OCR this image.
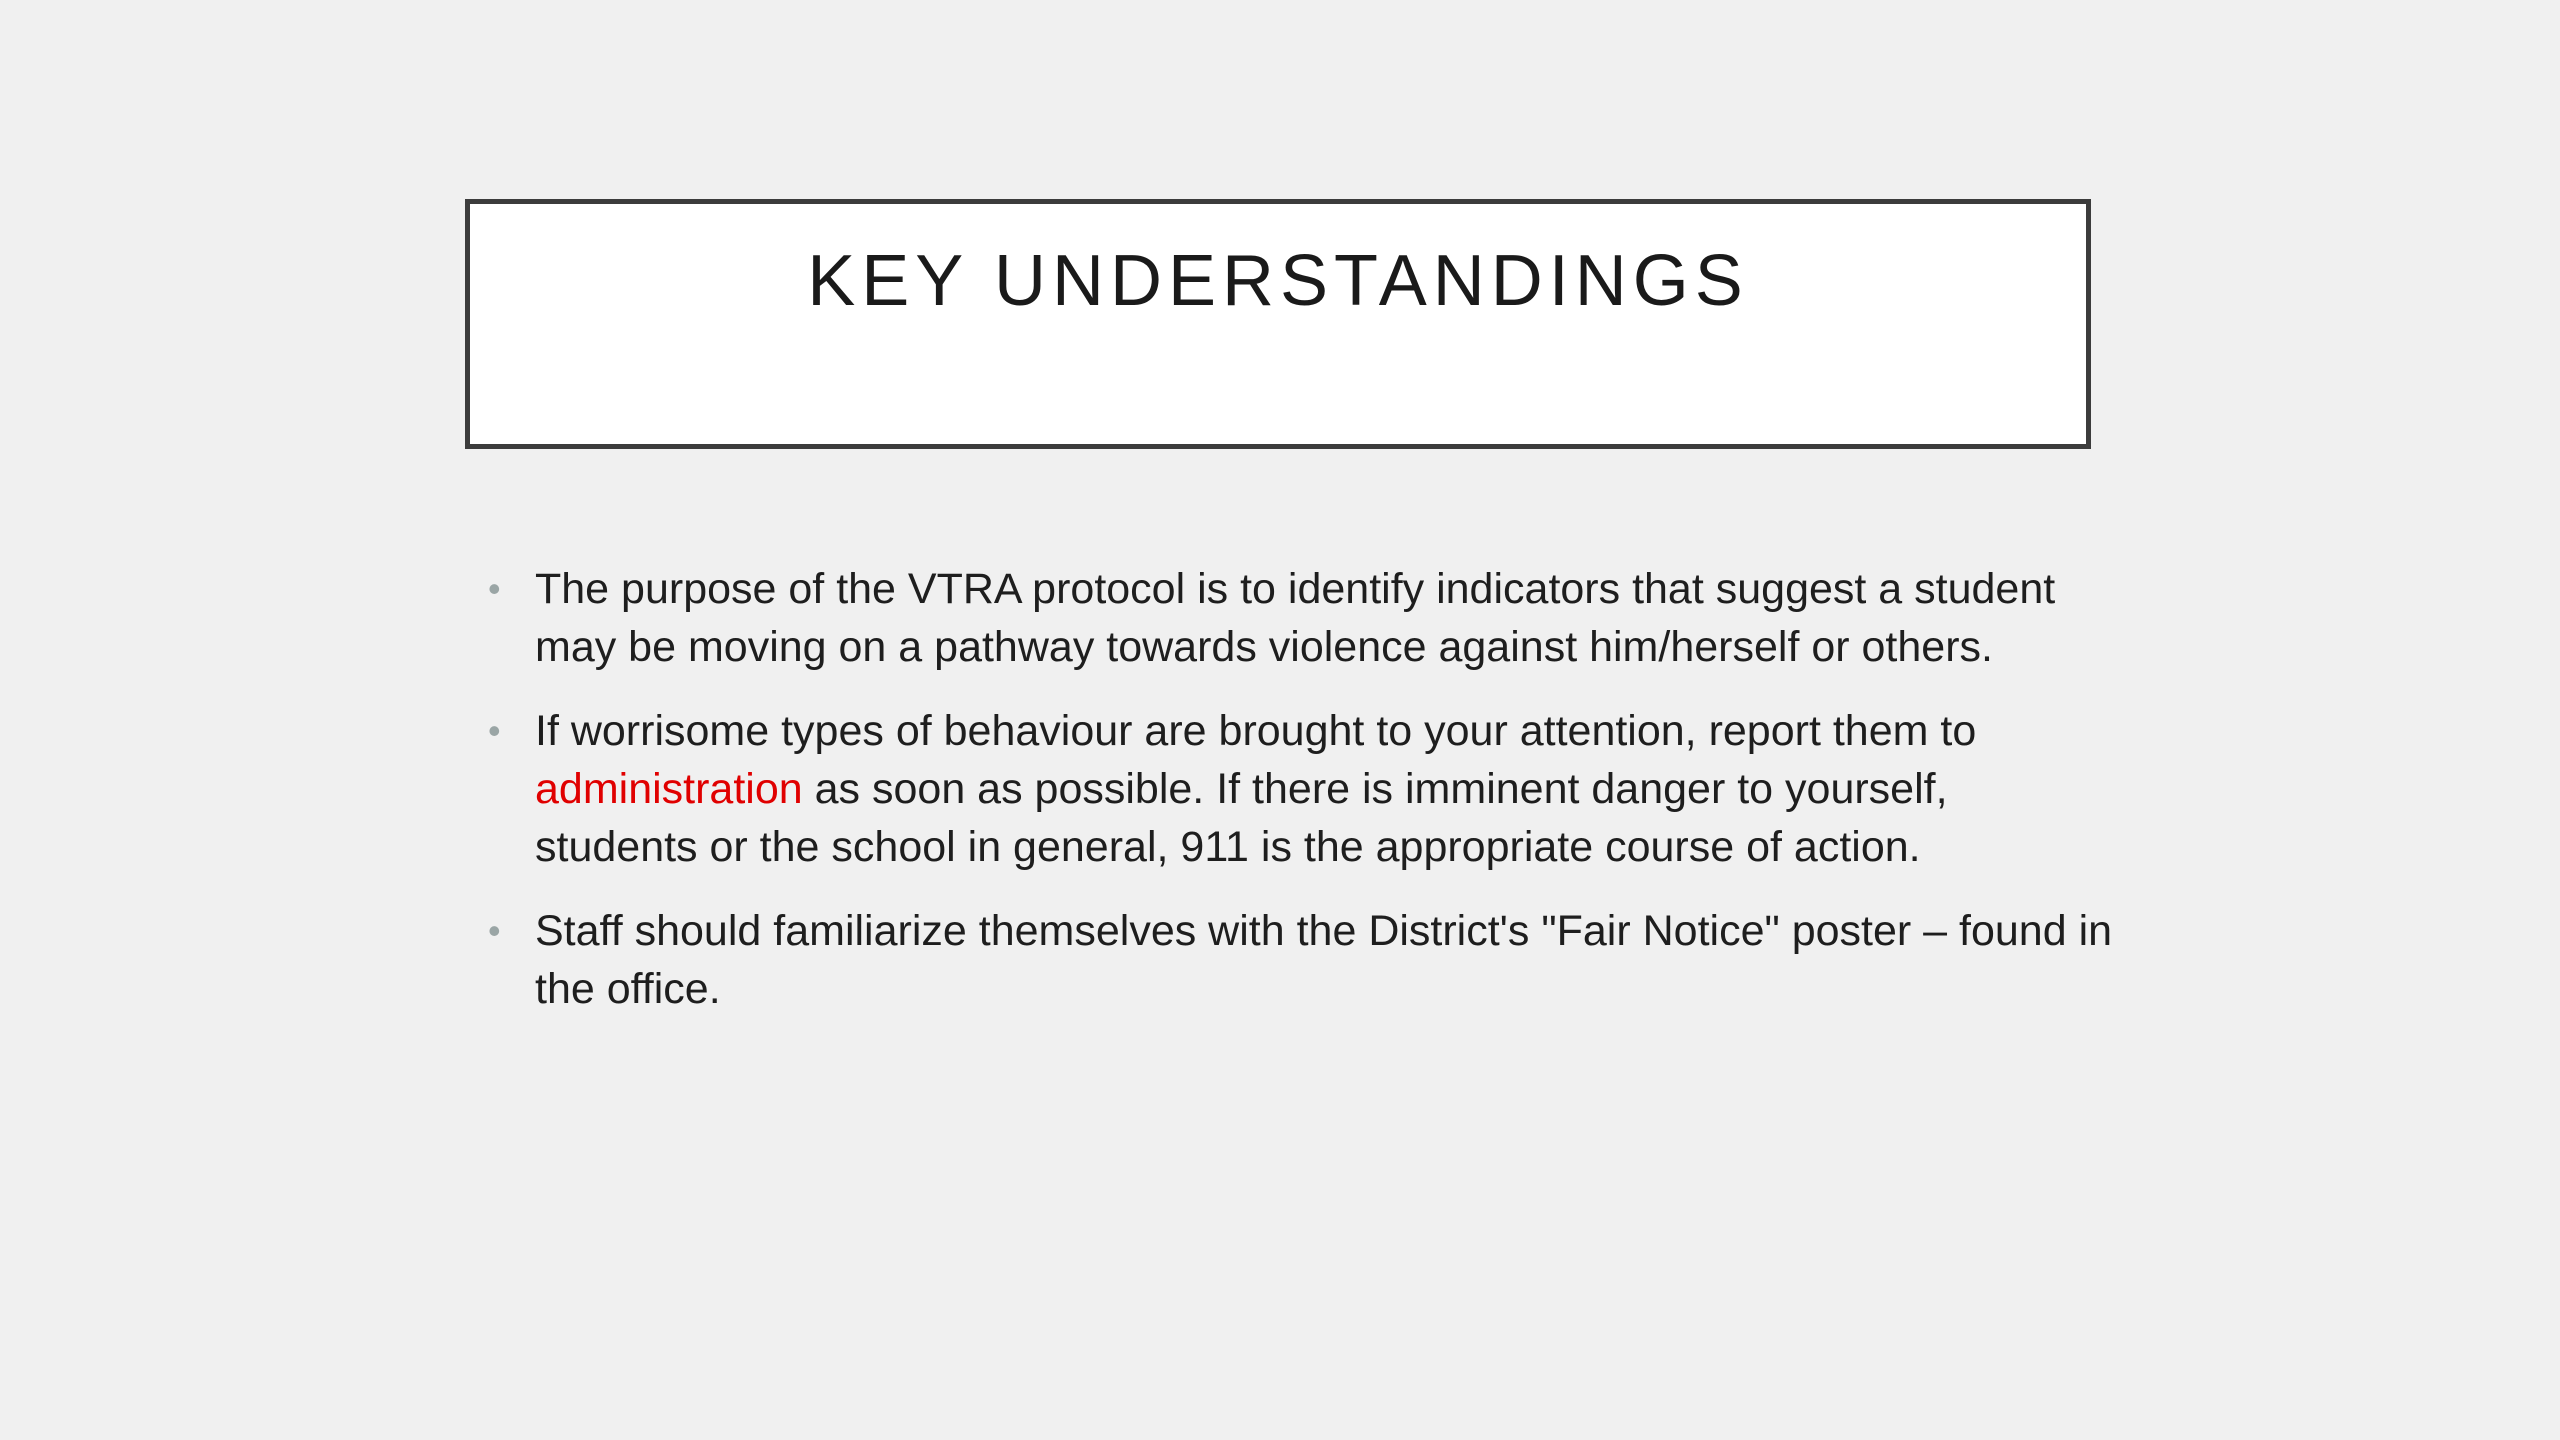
KEY UNDERSTANDINGS
• The purpose of the VTRA protocol is to identify indicators that suggest a student may be moving on a pathway towards violence against him/herself or others.
• If worrisome types of behaviour are brought to your attention, report them to administration as soon as possible. If there is imminent danger to yourself, students or the school in general, 911 is the appropriate course of action.
• Staff should familiarize themselves with the District's "Fair Notice" poster – found in the office.
